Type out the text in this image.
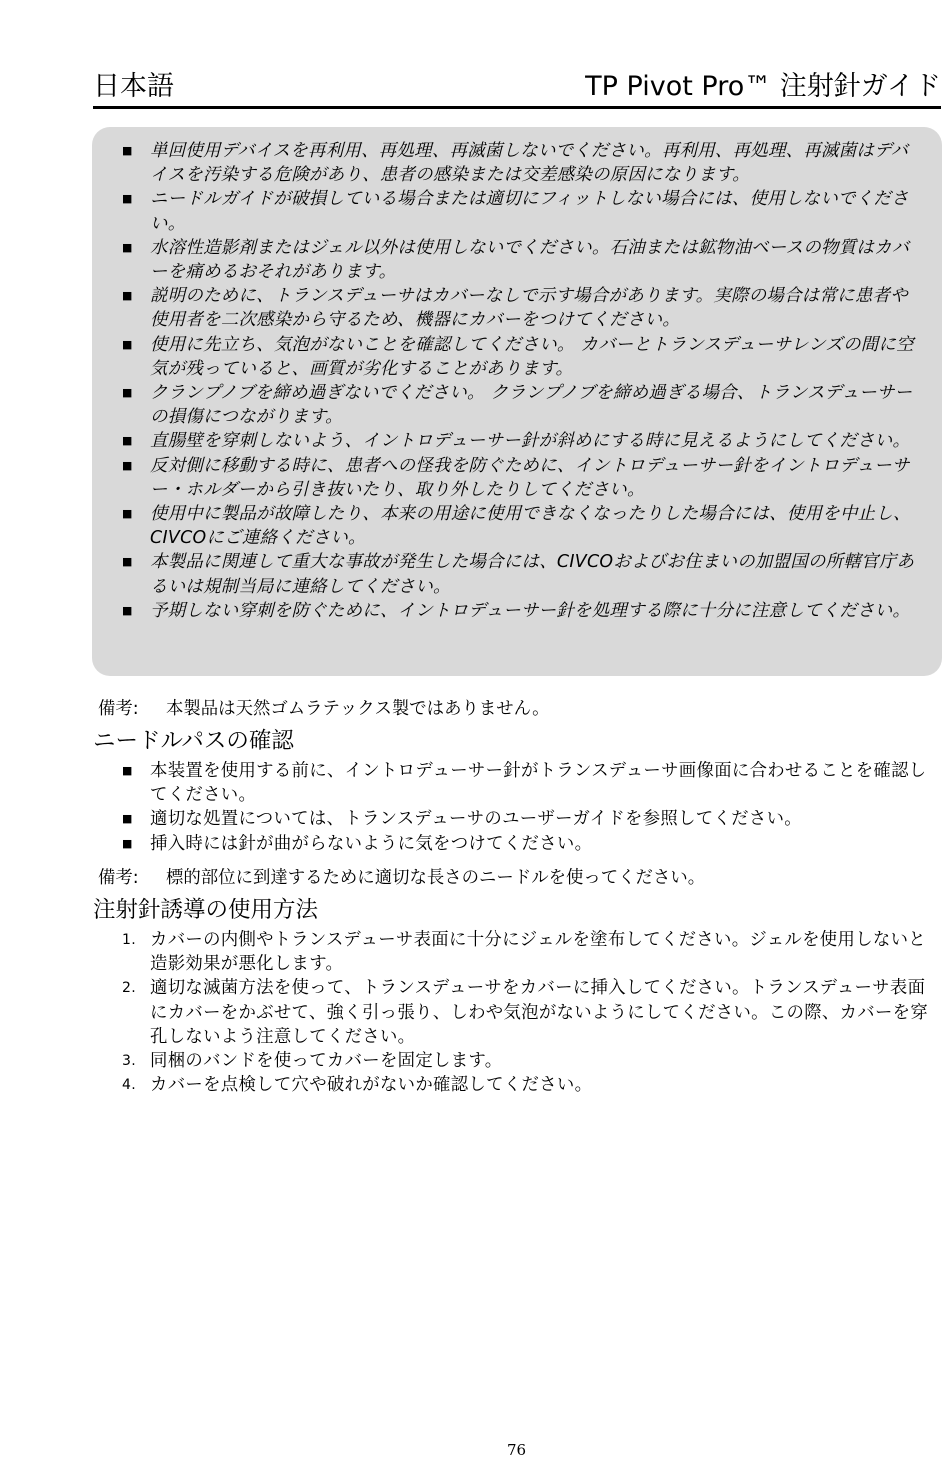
日本語	TP Pivot Pro™ 注射針ガイド
■ 単回使用デバイスを再利用、再処理、再滅菌しないでください。再利用、再処理、再滅菌はデバイスを汚染する危険があり、患者の感染または交差感染の原因になります。
■ ニードルガイドが破損している場合または適切にフィットしない場合には、使用しないでください。
■ 水溶性造影剤またはジェル以外は使用しないでください。石油または鉱物油ベースの物質はカバーを痛めるおそれがあります。
■ 説明のために、トランスデューサはカバーなしで示す場合があります。実際の場合は常に患者や使用者を二次感染から守るため、機器にカバーをつけてください。
■ 使用に先立ち、気泡がないことを確認してください。 カバーとトランスデューサレンズの間に空気が残っていると、画質が劣化することがあります。
■ クランプノブを締め過ぎないでください。 クランプノブを締め過ぎる場合、トランスデューサーの損傷につながります。
■ 直腸壁を穿刺しないよう、イントロデューサー針が斜めにする時に見えるようにしてください。
■ 反対側に移動する時に、患者への怪我を防ぐために、イントロデューサー針をイントロデューサー・ホルダーから引き抜いたり、取り外したりしてください。
■ 使用中に製品が故障したり、本来の用途に使用できなくなったりした場合には、使用を中止し、CIVCOにご連絡ください。
■ 本製品に関連して重大な事故が発生した場合には、CIVCOおよびお住まいの加盟国の所轄官庁あるいは規制当局に連絡してください。
■ 予期しない穿刺を防ぐために、イントロデューサー針を処理する際に十分に注意してください。
備考: 本製品は天然ゴムラテックス製ではありません。
ニードルパスの確認
■ 本装置を使用する前に、イントロデューサー針がトランスデューサ画像面に合わせることを確認してください。
■ 適切な処置については、トランスデューサのユーザーガイドを参照してください。
■ 挿入時には針が曲がらないように気をつけてください。
備考: 標的部位に到達するために適切な長さのニードルを使ってください。
注射針誘導の使用方法
1. カバーの内側やトランスデューサ表面に十分にジェルを塗布してください。ジェルを使用しないと造影効果が悪化します。
2. 適切な滅菌方法を使って、トランスデューサをカバーに挿入してください。トランスデューサ表面にカバーをかぶせて、強く引っ張り、しわや気泡がないようにしてください。この際、カバーを穿孔しないよう注意してください。
3. 同梱のバンドを使ってカバーを固定します。
4. カバーを点検して穴や破れがないか確認してください。
76
